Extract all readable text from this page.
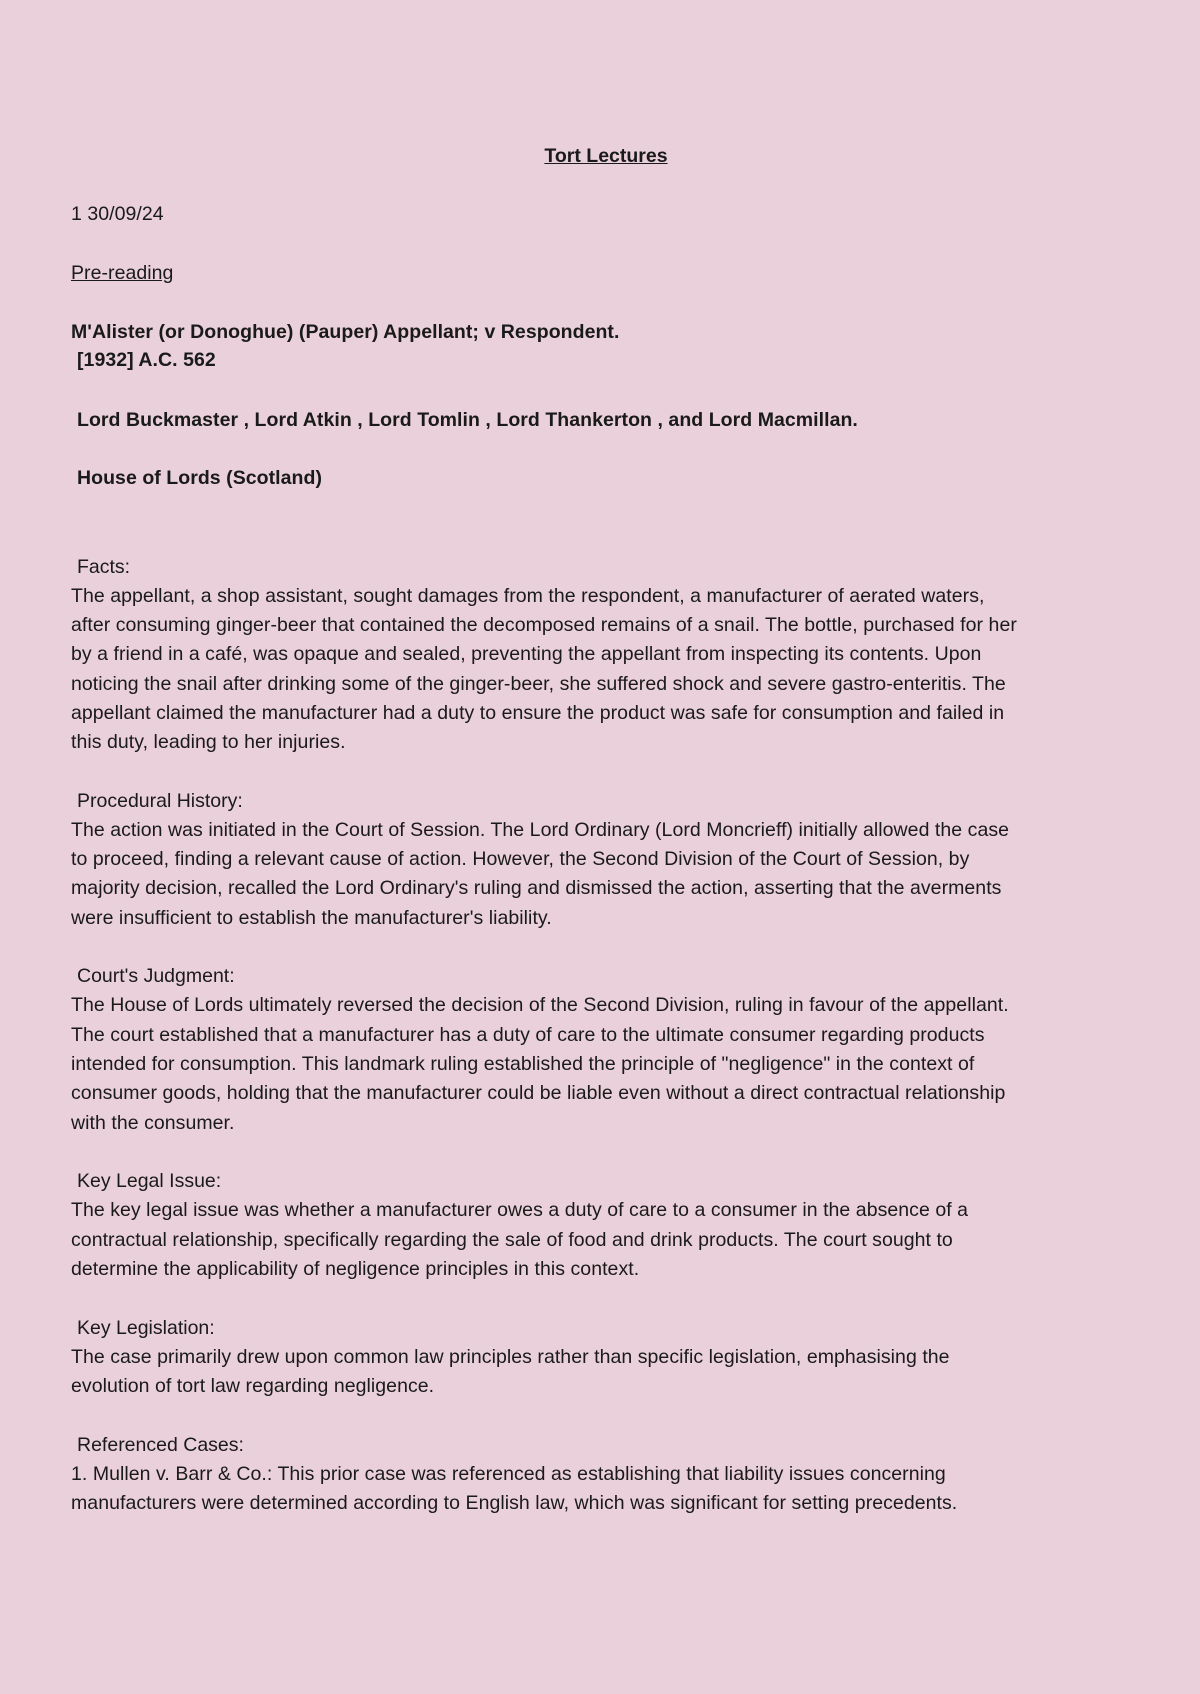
Tort Lectures
1 30/09/24
Pre-reading
M'Alister (or Donoghue) (Pauper) Appellant; v Respondent.
[1932] A.C. 562
Lord Buckmaster , Lord Atkin , Lord Tomlin , Lord Thankerton , and Lord Macmillan.
House of Lords (Scotland)
Facts:
The appellant, a shop assistant, sought damages from the respondent, a manufacturer of aerated waters,
after consuming ginger-beer that contained the decomposed remains of a snail. The bottle, purchased for her
by a friend in a café, was opaque and sealed, preventing the appellant from inspecting its contents. Upon
noticing the snail after drinking some of the ginger-beer, she suffered shock and severe gastro-enteritis. The
appellant claimed the manufacturer had a duty to ensure the product was safe for consumption and failed in
this duty, leading to her injuries.
Procedural History:
The action was initiated in the Court of Session. The Lord Ordinary (Lord Moncrieff) initially allowed the case
to proceed, finding a relevant cause of action. However, the Second Division of the Court of Session, by
majority decision, recalled the Lord Ordinary's ruling and dismissed the action, asserting that the averments
were insufficient to establish the manufacturer's liability.
Court's Judgment:
The House of Lords ultimately reversed the decision of the Second Division, ruling in favour of the appellant.
The court established that a manufacturer has a duty of care to the ultimate consumer regarding products
intended for consumption. This landmark ruling established the principle of "negligence" in the context of
consumer goods, holding that the manufacturer could be liable even without a direct contractual relationship
with the consumer.
Key Legal Issue:
The key legal issue was whether a manufacturer owes a duty of care to a consumer in the absence of a
contractual relationship, specifically regarding the sale of food and drink products. The court sought to
determine the applicability of negligence principles in this context.
Key Legislation:
The case primarily drew upon common law principles rather than specific legislation, emphasising the
evolution of tort law regarding negligence.
Referenced Cases:
1. Mullen v. Barr & Co.: This prior case was referenced as establishing that liability issues concerning
manufacturers were determined according to English law, which was significant for setting precedents.
